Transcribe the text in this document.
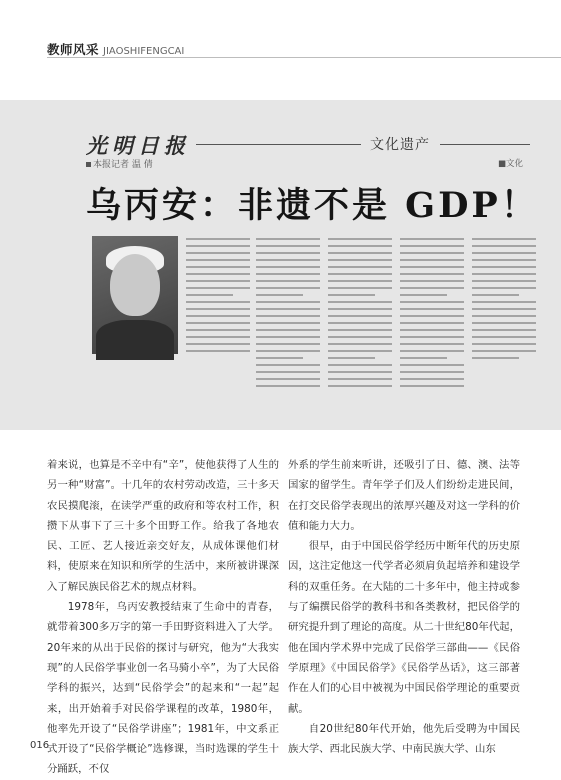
教师风采 JIAOSHIFENGCAI
光明日报	文化遗产
本报记者 温 倩	■文化
乌丙安：非遗不是 GDP！

着来说，也算是不辛中有“辛”，使他获得了人生的另一种“财富”。十几年的农村劳动改造，三十多天农民摸爬滚，在读学严重的政府和等农村工作，积攒下从事下了三十多个田野工作。给我了各地农民、工匠、艺人接近亲交好友，从成体课他们材料，使原来在知识和所学的生活中，来所被讲课深入了解民族民俗艺术的规点材料。

1978年，乌丙安教授结束了生命中的青春，就带着300多万字的第一手田野资料进入了大学。20年来的从出于民俗的探讨与研究，他为“大我实现”的人民俗学事业创一名马骑小卒”，为了大民俗学科的振兴，达到“民俗学会”的起来和“一起”起来，出开始着手对民俗学课程的改革，1980年，他率先开设了“民俗学讲座”；1981年，中文系正式开设了“民俗学概论”选修课，当时选课的学生十分踊跃，不仅

外系的学生前来听讲，还吸引了日、德、澳、法等国家的留学生。青年学子们及人们纷纷走进民间，在打交民俗学表现出的浓厚兴趣及对这一学科的价值和能力大力。

很早，由于中国民俗学经历中断年代的历史原因，这注定他这一代学者必须肩负起培养和建设学科的双重任务。在大陆的二十多年中，他主持或参与了编撰民俗学的教科书和各类教材，把民俗学的研究提升到了理论的高度。从二十世纪80年代起，他在国内学术界中完成了民俗学三部曲——《民俗学原理》《中国民俗学》《民俗学丛话》，这三部著作在人们的心目中被视为中国民俗学理论的重要贡献。

自20世纪80年代开始，他先后受聘为中国民族大学、西北民族大学、中南民族大学、山东

016
